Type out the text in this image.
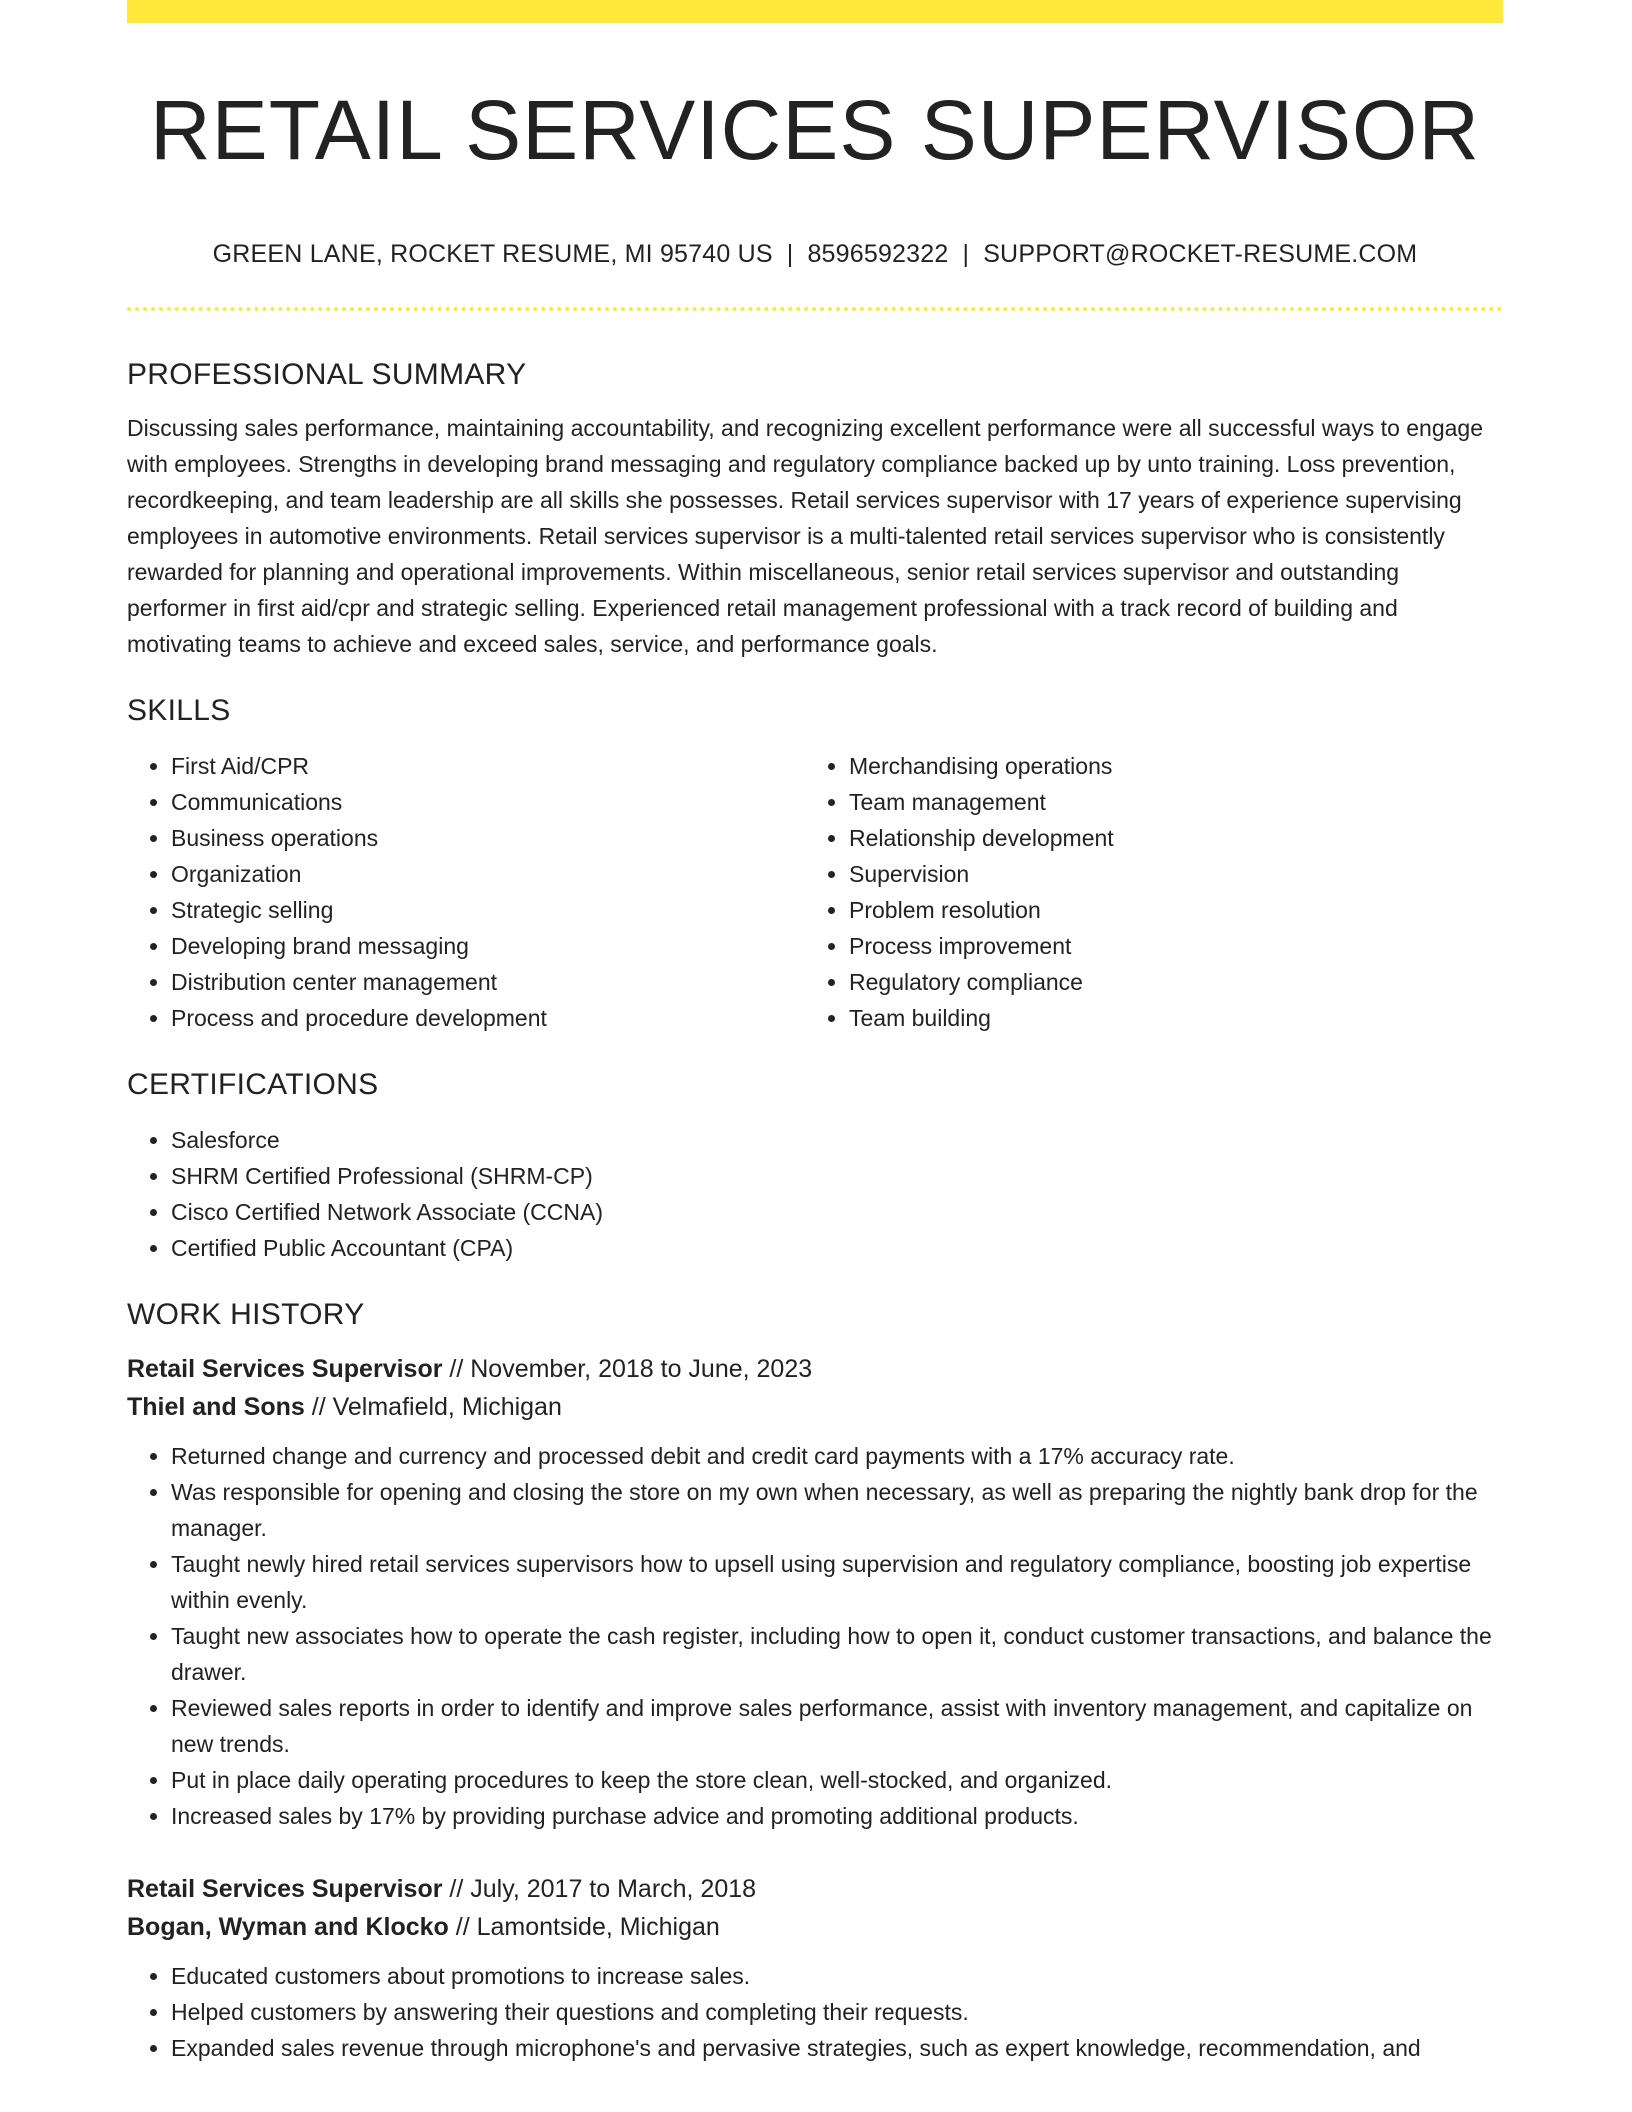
RETAIL SERVICES SUPERVISOR
GREEN LANE, ROCKET RESUME, MI 95740 US | 8596592322 | SUPPORT@ROCKET-RESUME.COM
PROFESSIONAL SUMMARY

Discussing sales performance, maintaining accountability, and recognizing excellent performance were all successful ways to engage with employees. Strengths in developing brand messaging and regulatory compliance backed up by unto training. Loss prevention, recordkeeping, and team leadership are all skills she possesses. Retail services supervisor with 17 years of experience supervising employees in automotive environments. Retail services supervisor is a multi-talented retail services supervisor who is consistently rewarded for planning and operational improvements. Within miscellaneous, senior retail services supervisor and outstanding performer in first aid/cpr and strategic selling. Experienced retail management professional with a track record of building and motivating teams to achieve and exceed sales, service, and performance goals.

SKILLS
• First Aid/CPR
• Communications
• Business operations
• Organization
• Strategic selling
• Developing brand messaging
• Distribution center management
• Process and procedure development
• Merchandising operations
• Team management
• Relationship development
• Supervision
• Problem resolution
• Process improvement
• Regulatory compliance
• Team building
CERTIFICATIONS
• Salesforce
• SHRM Certified Professional (SHRM-CP)
• Cisco Certified Network Associate (CCNA)
• Certified Public Accountant (CPA)
WORK HISTORY
Retail Services Supervisor // November, 2018 to June, 2023
Thiel and Sons // Velmafield, Michigan
• Returned change and currency and processed debit and credit card payments with a 17% accuracy rate.
• Was responsible for opening and closing the store on my own when necessary, as well as preparing the nightly bank drop for the manager.
• Taught newly hired retail services supervisors how to upsell using supervision and regulatory compliance, boosting job expertise within evenly.
• Taught new associates how to operate the cash register, including how to open it, conduct customer transactions, and balance the drawer.
• Reviewed sales reports in order to identify and improve sales performance, assist with inventory management, and capitalize on new trends.
• Put in place daily operating procedures to keep the store clean, well-stocked, and organized.
• Increased sales by 17% by providing purchase advice and promoting additional products.
Retail Services Supervisor // July, 2017 to March, 2018
Bogan, Wyman and Klocko // Lamontside, Michigan
• Educated customers about promotions to increase sales.
• Helped customers by answering their questions and completing their requests.
• Expanded sales revenue through microphone's and pervasive strategies, such as expert knowledge, recommendation, and
